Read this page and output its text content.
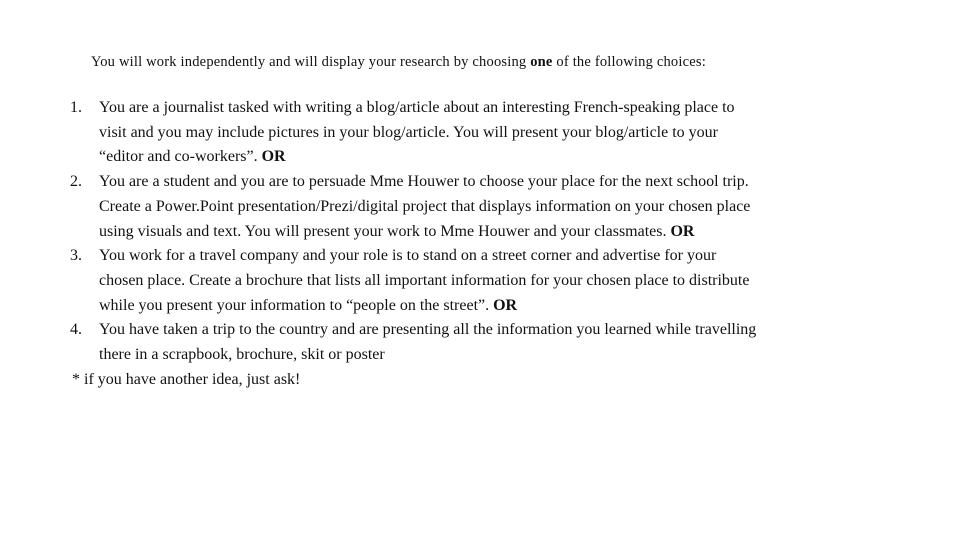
You will work independently and will display your research by choosing one of the following choices:
1. You are a journalist tasked with writing a blog/article about an interesting French-speaking place to
visit and you may include pictures in your blog/article. You will present your blog/article to your
“editor and co-workers”. OR
2. You are a student and you are to persuade Mme Houwer to choose your place for the next school trip.
Create a Power.Point presentation/Prezi/digital project that displays information on your chosen place
using visuals and text. You will present your work to Mme Houwer and your classmates. OR
3. You work for a travel company and your role is to stand on a street corner and advertise for your
chosen place. Create a brochure that lists all important information for your chosen place to distribute
while you present your information to “people on the street”. OR
4. You have taken a trip to the country and are presenting all the information you learned while travelling
there in a scrapbook, brochure, skit or poster
* if you have another idea, just ask!
